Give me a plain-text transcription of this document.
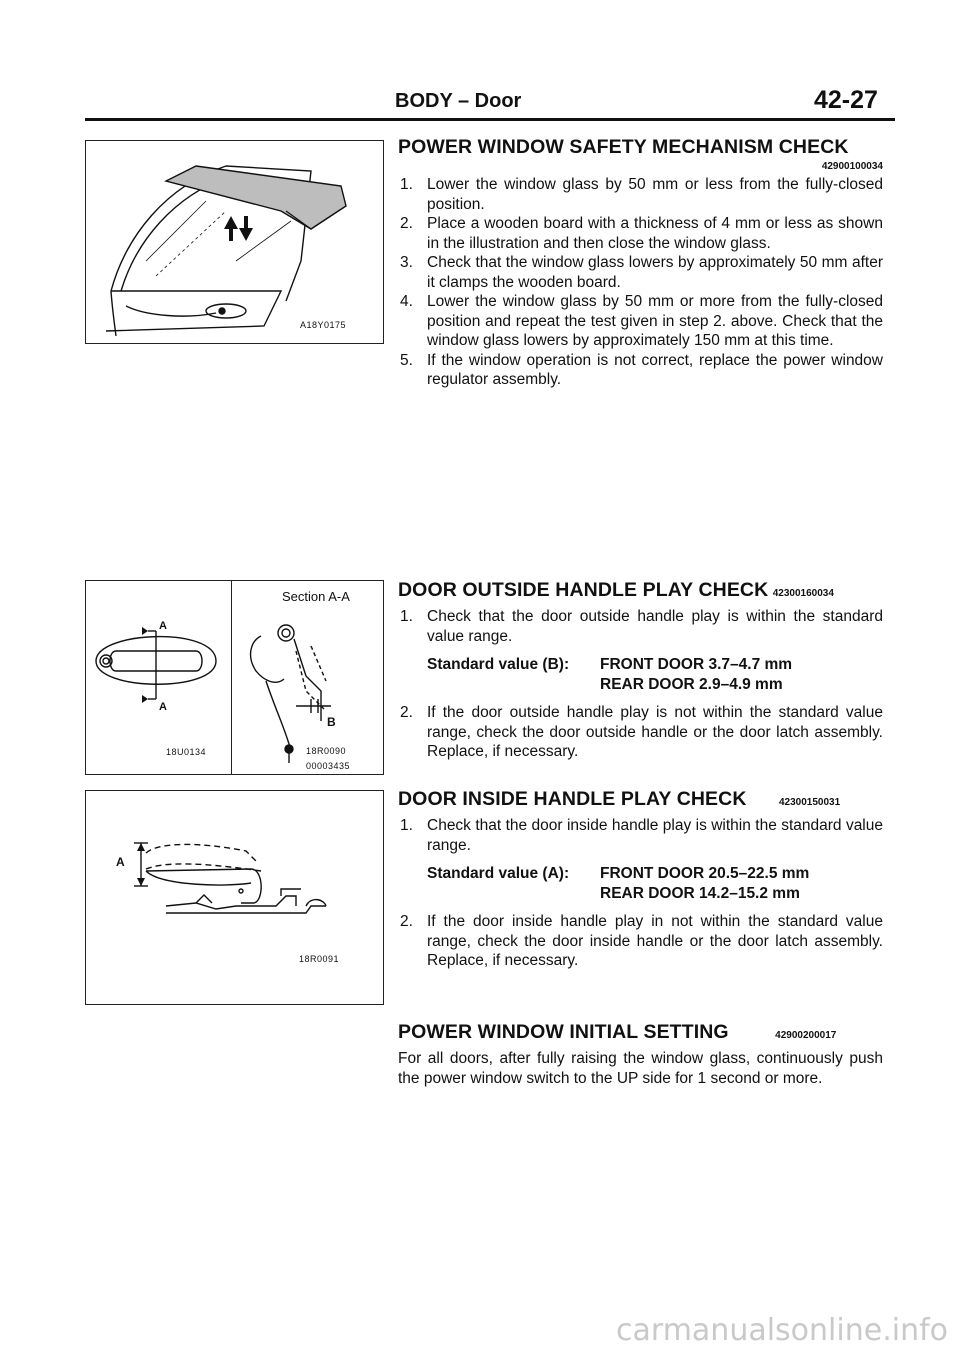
BODY – Door	42-27
A18Y0175
POWER WINDOW SAFETY MECHANISM CHECK
42900100034
1. Lower the window glass by 50 mm or less from the fully-closed position.
2. Place a wooden board with a thickness of 4 mm or less as shown in the illustration and then close the window glass.
3. Check that the window glass lowers by approximately 50 mm after it clamps the wooden board.
4. Lower the window glass by 50 mm or more from the fully-closed position and repeat the test given in step 2. above. Check that the window glass lowers by approximately 150 mm at this time.
5. If the window operation is not correct, replace the power window regulator assembly.
A
A
Section A-A
B
18U0134	18R0090
00003435
DOOR OUTSIDE HANDLE PLAY CHECK 42300160034
1. Check that the door outside handle play is within the standard value range.
Standard value (B): FRONT DOOR 3.7–4.7 mm
REAR DOOR 2.9–4.9 mm
2. If the door outside handle play is not within the standard value range, check the door outside handle or the door latch assembly. Replace, if necessary.
A
18R0091
DOOR INSIDE HANDLE PLAY CHECK	42300150031
1. Check that the door inside handle play is within the standard value range.
Standard value (A): FRONT DOOR 20.5–22.5 mm
REAR DOOR 14.2–15.2 mm
2. If the door inside handle play in not within the standard value range, check the door inside handle or the door latch assembly. Replace, if necessary.
POWER WINDOW INITIAL SETTING	42900200017
For all doors, after fully raising the window glass, continuously push the power window switch to the UP side for 1 second or more.
carmanualsonline.info
